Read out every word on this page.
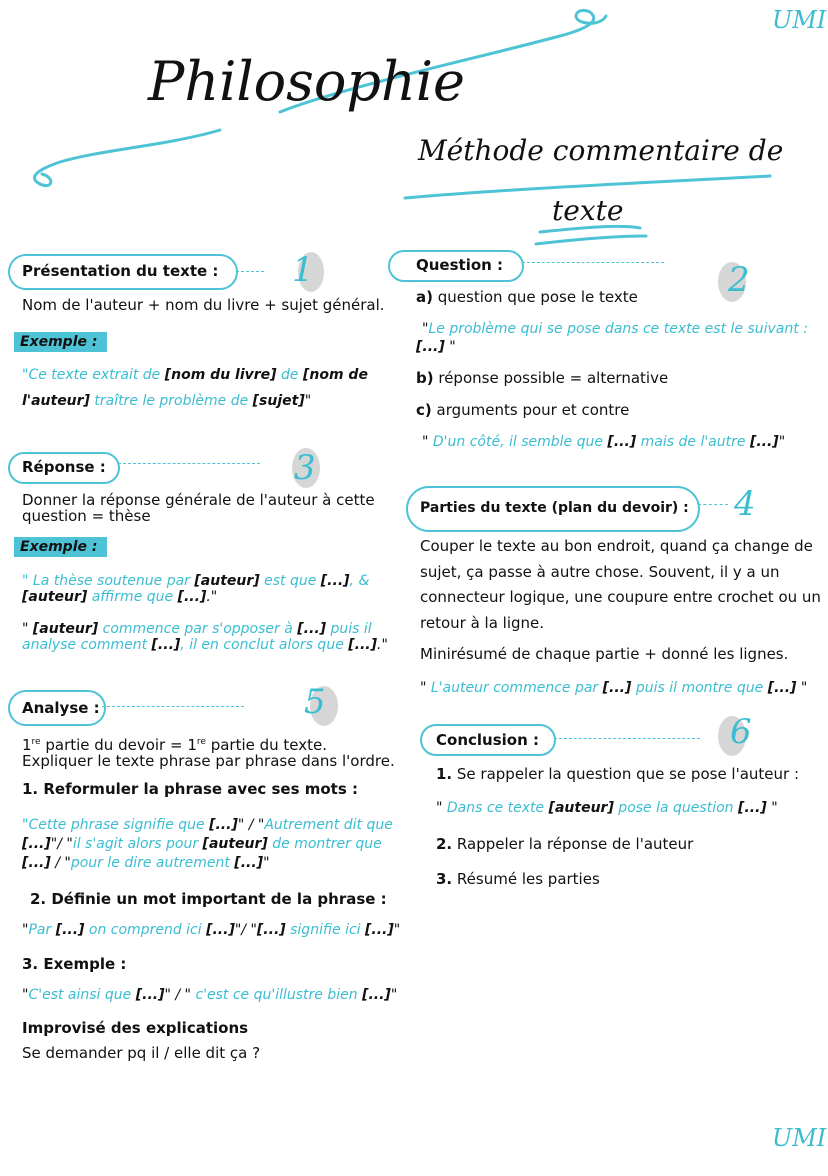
UMI
UMI
Philosophie
Méthode commentaire de
texte
Présentation du texte : 1
Nom de l'auteur + nom du livre + sujet général.
Exemple :
"Ce texte extrait de [nom du livre] de [nom de l'auteur] traître le problème de [sujet]"
Réponse :	3
Donner la réponse générale de l'auteur à cette question = thèse
Exemple :
" La thèse soutenue par [auteur] est que [...], & [auteur] affirme que [...]."
" [auteur] commence par s'opposer à [...] puis il analyse comment [...], il en conclut alors que [...]."
Analyse :	5
1re partie du devoir = 1re partie du texte.
Expliquer le texte phrase par phrase dans l'ordre.
1. Reformuler la phrase avec ses mots :
"Cette phrase signifie que [...]" / "Autrement dit que [...]"/ "il s'agit alors pour [auteur] de montrer que [...] / "pour le dire autrement [...]"
2. Définie un mot important de la phrase :
"Par [...] on comprend ici [...]"/ "[...] signifie ici [...]"
3. Exemple :
"C'est ainsi que [...]" / " c'est ce qu'illustre bien [...]"
Improvisé des explications
Se demander pq il / elle dit ça ?
Question :	2
a) question que pose le texte
"Le problème qui se pose dans ce texte est le suivant :
[...] "
b) réponse possible = alternative
c) arguments pour et contre
" D'un côté, il semble que [...] mais de l'autre [...]"
Parties du texte (plan du devoir) : 4
Couper le texte au bon endroit, quand ça change de sujet, ça passe à autre chose. Souvent, il y a un connecteur logique, une coupure entre crochet ou un retour à la ligne.
Minirésumé de chaque partie + donné les lignes.
" L'auteur commence par [...] puis il montre que [...] "
Conclusion :	6
1. Se rappeler la question que se pose l'auteur :
" Dans ce texte [auteur] pose la question [...] "
2. Rappeler la réponse de l'auteur
3. Résumé les parties
